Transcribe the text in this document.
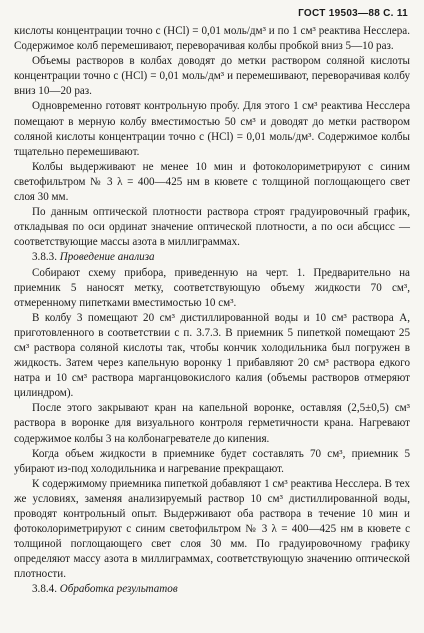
ГОСТ 19503—88 С. 11

кислоты концентрации точно c (HCl) = 0,01 моль/дм³ и по 1 см³ реактива Несслера. Содержимое колб перемешивают, переворачивая колбы пробкой вниз 5—10 раз.

Объемы растворов в колбах доводят до метки раствором соляной кислоты концентрации точно c (HCl) = 0,01 моль/дм³ и перемешивают, переворачивая колбу вниз 10—20 раз.

Одновременно готовят контрольную пробу. Для этого 1 см³ реактива Несслера помещают в мерную колбу вместимостью 50 см³ и доводят до метки раствором соляной кислоты концентрации точно c (HCl) = 0,01 моль/дм³. Содержимое колбы тщательно перемешивают.

Колбы выдерживают не менее 10 мин и фотоколориметрируют с синим светофильтром № 3 λ = 400—425 нм в кювете с толщиной поглощающего свет слоя 30 мм.

По данным оптической плотности раствора строят градуировочный график, откладывая по оси ординат значение оптической плотности, а по оси абсцисс — соответствующие массы азота в миллиграммах.

3.8.3. Проведение анализа

Собирают схему прибора, приведенную на черт. 1. Предварительно на приемник 5 наносят метку, соответствующую объему жидкости 70 см³, отмеренному пипетками вместимостью 10 см³.

В колбу 3 помещают 20 см³ дистиллированной воды и 10 см³ раствора А, приготовленного в соответствии с п. 3.7.3. В приемник 5 пипеткой помещают 25 см³ раствора соляной кислоты так, чтобы кончик холодильника был погружен в жидкость. Затем через капельную воронку 1 прибавляют 20 см³ раствора едкого натра и 10 см³ раствора марганцовокислого калия (объемы растворов отмеряют цилиндром).

После этого закрывают кран на капельной воронке, оставляя (2,5±0,5) см³ раствора в воронке для визуального контроля герметичности крана. Нагревают содержимое колбы 3 на колбонагревателе до кипения.

Когда объем жидкости в приемнике будет составлять 70 см³, приемник 5 убирают из-под холодильника и нагревание прекращают.

К содержимому приемника пипеткой добавляют 1 см³ реактива Несслера. В тех же условиях, заменяя анализируемый раствор 10 см³ дистиллированной воды, проводят контрольный опыт. Выдерживают оба раствора в течение 10 мин и фотоколориметрируют с синим светофильтром № 3 λ = 400—425 нм в кювете с толщиной поглощающего свет слоя 30 мм. По градуировочному графику определяют массу азота в миллиграммах, соответствующую значению оптической плотности.

3.8.4. Обработка результатов
